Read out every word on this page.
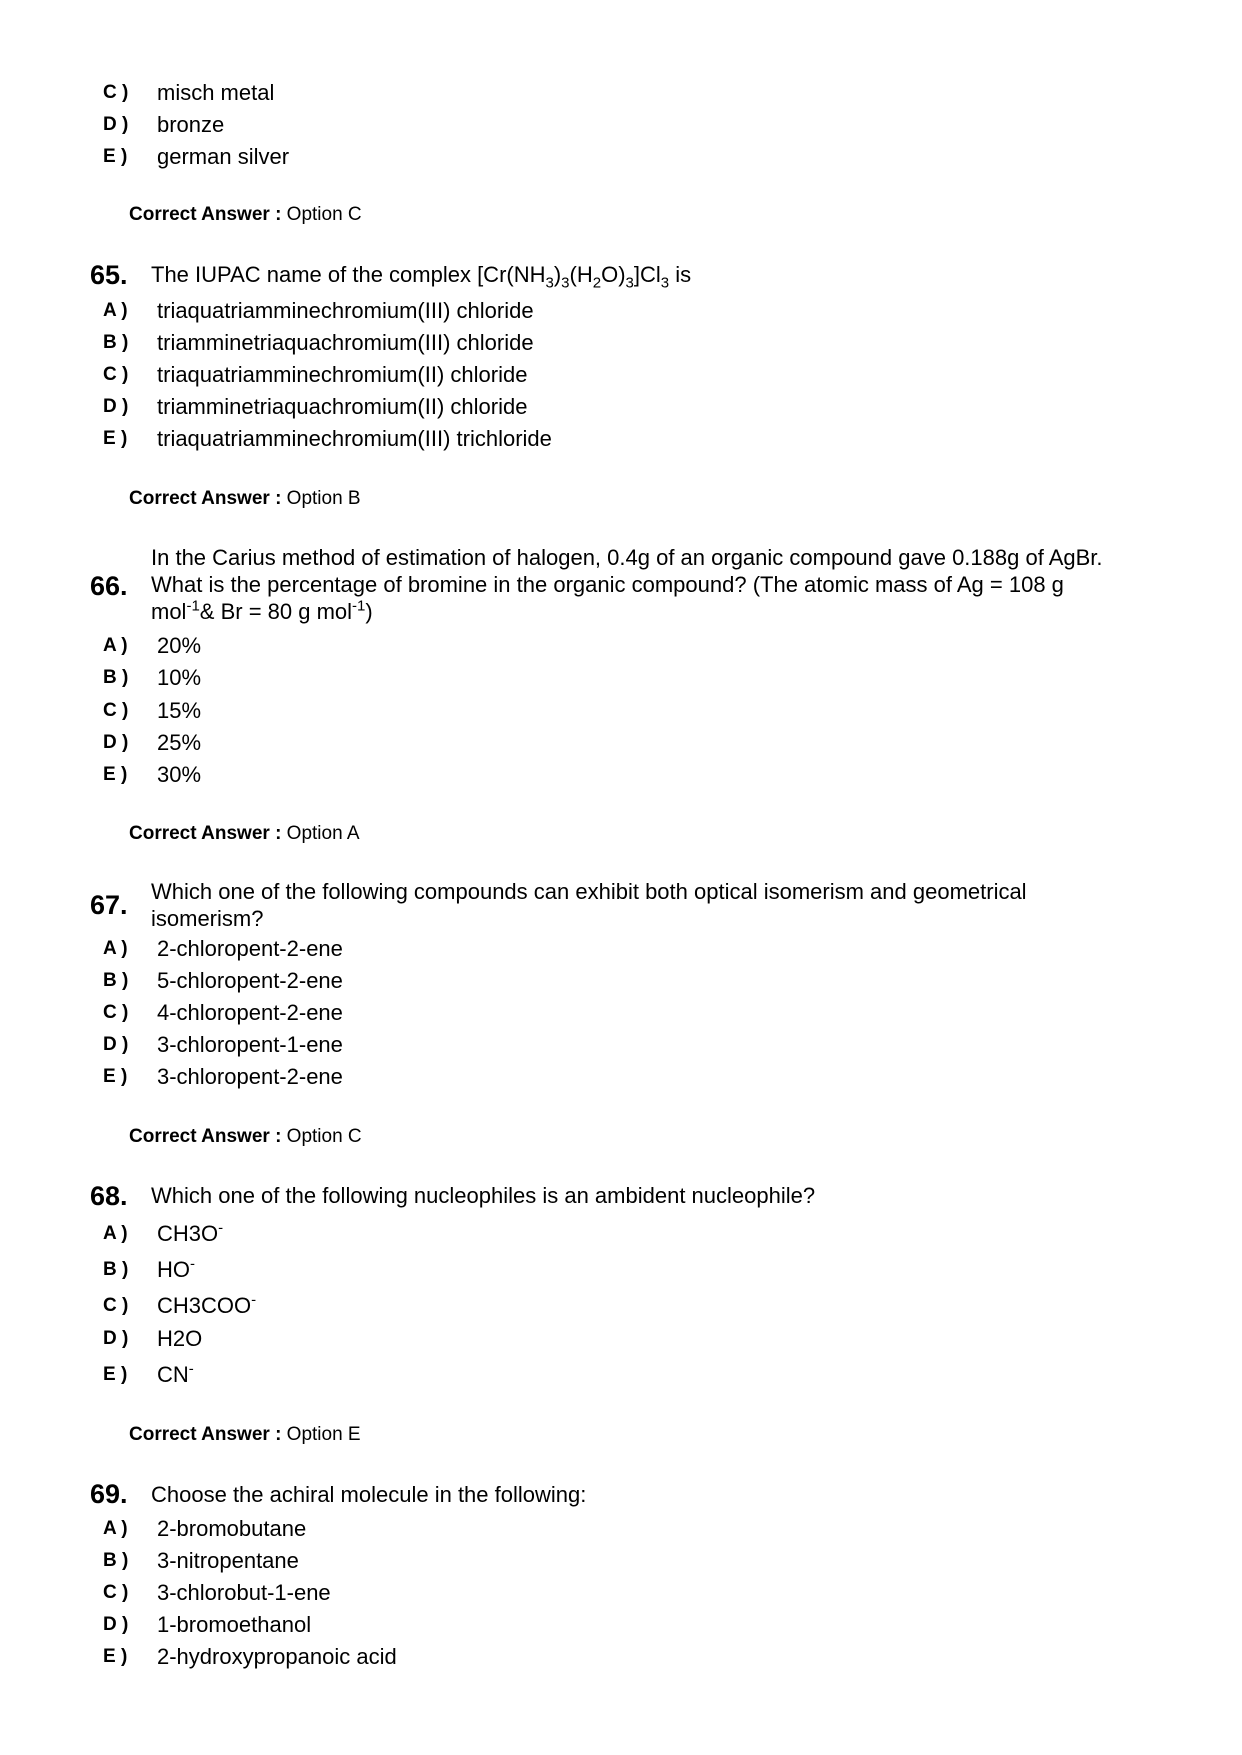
C ) misch metal
D ) bronze
E ) german silver
Correct Answer : Option C
65. The IUPAC name of the complex $[Cr(NH_3)_3(H_2O)_3]Cl_3$ is
A ) triaquatriamminechromium(III) chloride
B ) triamminetriaquachromium(III) chloride
C ) triaquatriamminechromium(II) chloride
D ) triamminetriaquachromium(II) chloride
E ) triaquatriamminechromium(III) trichloride
Correct Answer : Option B
66.
In the Carius method of estimation of halogen, 0.4g of an organic compound gave 0.188g of AgBr.
What is the percentage of bromine in the organic compound? (The atomic mass of Ag = 108 g
mol$^{-1}$& Br = 80 g mol$^{-1}$)
A ) 20%
B ) 10%
C ) 15%
D ) 25%
E ) 30%
Correct Answer : Option A
67. Which one of the following compounds can exhibit both optical isomerism and geometrical
isomerism?
A ) 2-chloropent-2-ene
B ) 5-chloropent-2-ene
C ) 4-chloropent-2-ene
D ) 3-chloropent-1-ene
E ) 3-chloropent-2-ene
Correct Answer : Option C
68. Which one of the following nucleophiles is an ambident nucleophile?
A ) CH3O-
B ) HO-
C ) CH3COO-
D ) H2O
E ) CN-
Correct Answer : Option E
69. Choose the achiral molecule in the following:
A ) 2-bromobutane
B ) 3-nitropentane
C ) 3-chlorobut-1-ene
D ) 1-bromoethanol
E ) 2-hydroxypropanoic acid
